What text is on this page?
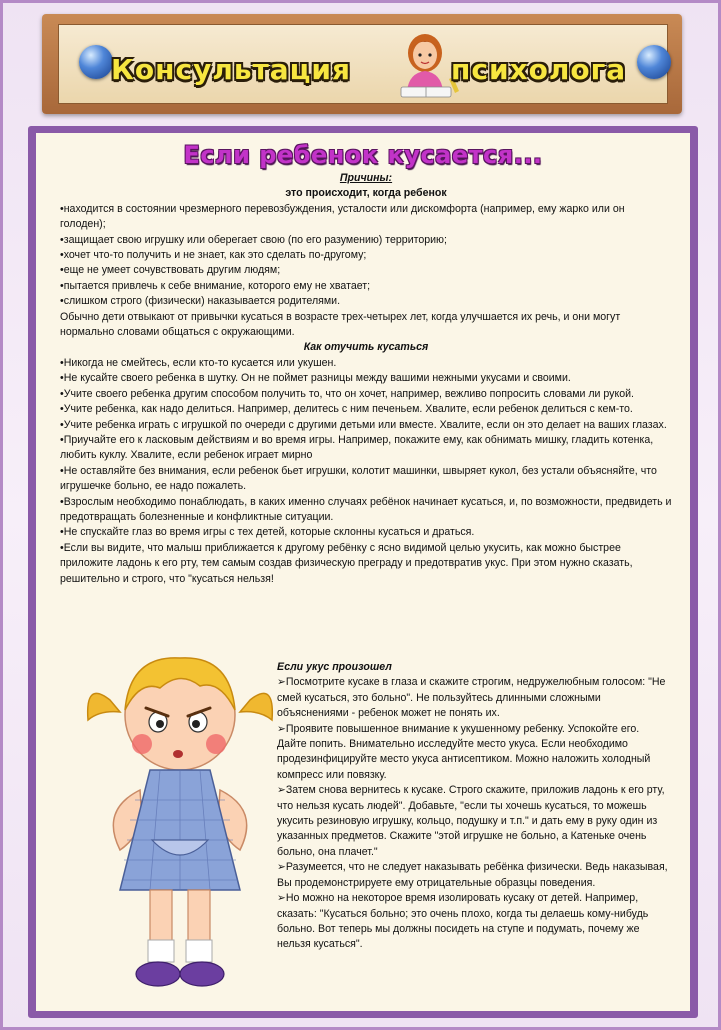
Консультация	психолога
Если ребенок кусается...

Причины:

это происходит, когда ребенок

•находится в состоянии чрезмерного перевозбуждения, усталости или дискомфорта (например, ему жарко или он голоден);

•защищает свою игрушку или оберегает свою (по его разумению) территорию;

•хочет что-то получить и не знает, как это сделать по-другому;

•еще не умеет сочувствовать другим людям;

•пытается привлечь к себе внимание, которого ему не хватает;

•слишком строго (физически) наказывается родителями.

Обычно дети отвыкают от привычки кусаться в возрасте трех-четырех лет, когда улучшается их речь, и они могут нормально словами общаться с окружающими.

Как отучить кусаться

•Никогда не смейтесь, если кто-то кусается или укушен.

•Не кусайте своего ребенка в шутку. Он не поймет разницы между вашими нежными укусами и своими.

•Учите своего ребенка другим способом получить то, что он хочет, например, вежливо попросить словами ли рукой.

•Учите ребенка, как надо делиться. Например, делитесь с ним печеньем. Хвалите, если ребенок делиться с кем-то.

•Учите ребенка играть с игрушкой по очереди с другими детьми или вместе. Хвалите, если он это делает на ваших глазах.

•Приучайте его к ласковым действиям и во время игры. Например, покажите ему, как обнимать мишку, гладить котенка, любить куклу. Хвалите, если ребенок играет мирно

•Не оставляйте без внимания, если ребенок бьет игрушки, колотит машинки, швыряет кукол, без устали объясняйте, что игрушечке больно, ее надо пожалеть.

•Взрослым необходимо понаблюдать, в каких именно случаях ребёнок начинает кусаться, и, по возможности, предвидеть и предотвращать болезненные и конфликтные ситуации.

•Не спускайте глаз во время игры с тех детей, которые склонны кусаться и драться.

•Если вы видите, что малыш приближается к другому ребёнку с ясно видимой целью укусить, как можно быстрее приложите ладонь к его рту, тем самым создав физическую преграду и предотвратив укус. При этом нужно сказать, решительно и строго, что "кусаться нельзя!

Если укус произошел

➢Посмотрите кусаке в глаза и скажите строгим, недружелюбным голосом: "Не смей кусаться, это больно". Не пользуйтесь длинными сложными объяснениями - ребенок может не понять их.

➢Проявите повышенное внимание к укушенному ребенку. Успокойте его. Дайте попить. Внимательно исследуйте место укуса. Если необходимо продезинфицируйте место укуса антисептиком. Можно наложить холодный компресс или повязку.

➢Затем снова вернитесь к кусаке. Строго скажите, приложив ладонь к его рту, что нельзя кусать людей". Добавьте, "если ты хочешь кусаться, то можешь укусить резиновую игрушку, кольцо, подушку и т.п." и дать ему в руку один из указанных предметов. Скажите "этой игрушке не больно, а Катеньке очень больно, она плачет."

➢Разумеется, что не следует наказывать ребёнка физически. Ведь наказывая, Вы продемонстрируете ему отрицательные образцы поведения.

➢Но можно на некоторое время изолировать кусаку от детей. Например, сказать: "Кусаться больно; это очень плохо, когда ты делаешь кому-нибудь больно. Вот теперь мы должны посидеть на ступе и подумать, почему же нельзя кусаться".
